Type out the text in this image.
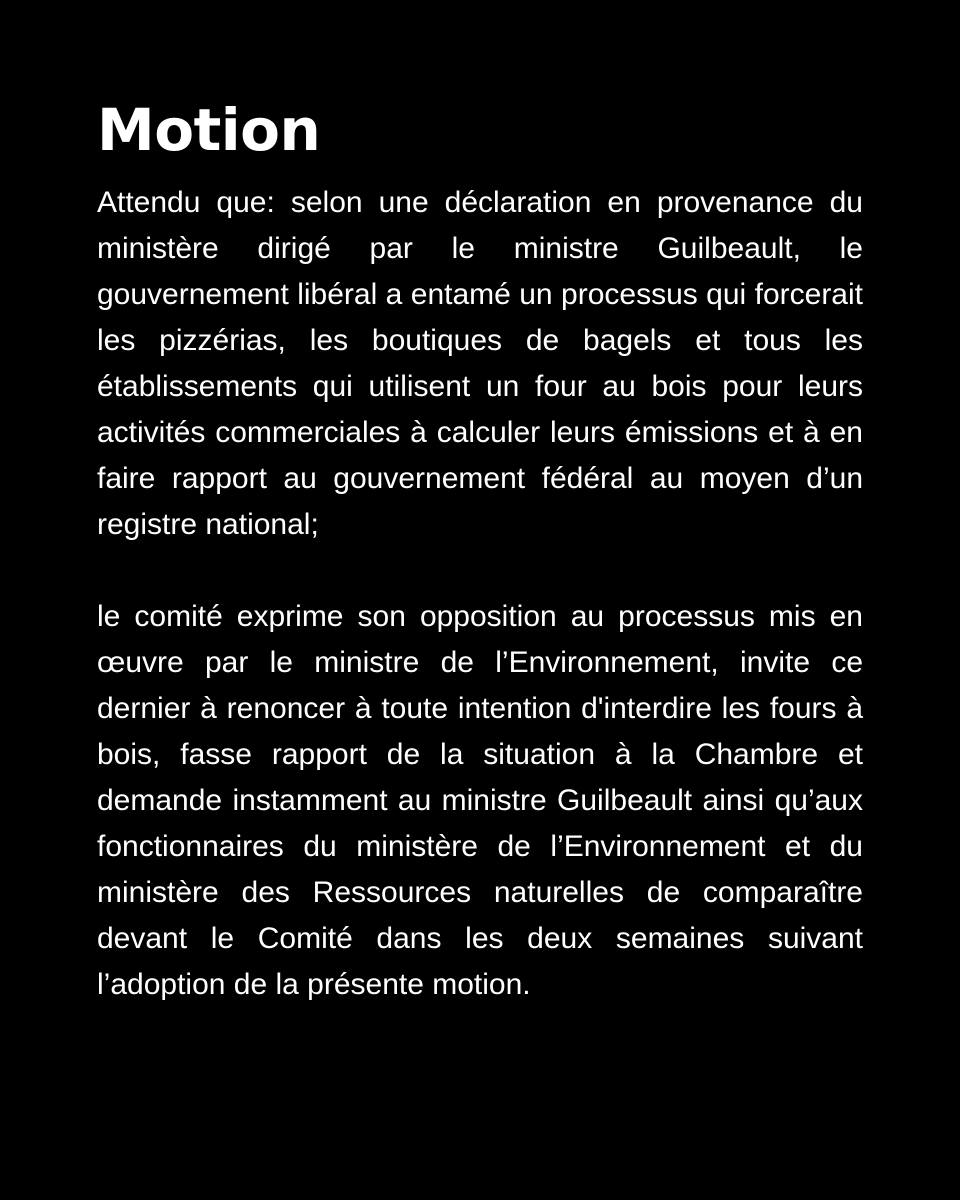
Motion

Attendu que: selon une déclaration en provenance du ministère dirigé par le ministre Guilbeault, le gouvernement libéral a entamé un processus qui forcerait les pizzérias, les boutiques de bagels et tous les établissements qui utilisent un four au bois pour leurs activités commerciales à calculer leurs émissions et à en faire rapport au gouvernement fédéral au moyen d’un registre national;

le comité exprime son opposition au processus mis en œuvre par le ministre de l’Environnement, invite ce dernier à renoncer à toute intention d'interdire les fours à bois, fasse rapport de la situation à la Chambre et demande instamment au ministre Guilbeault ainsi qu’aux fonctionnaires du ministère de l’Environnement et du ministère des Ressources naturelles de comparaître devant le Comité dans les deux semaines suivant l’adoption de la présente motion.
